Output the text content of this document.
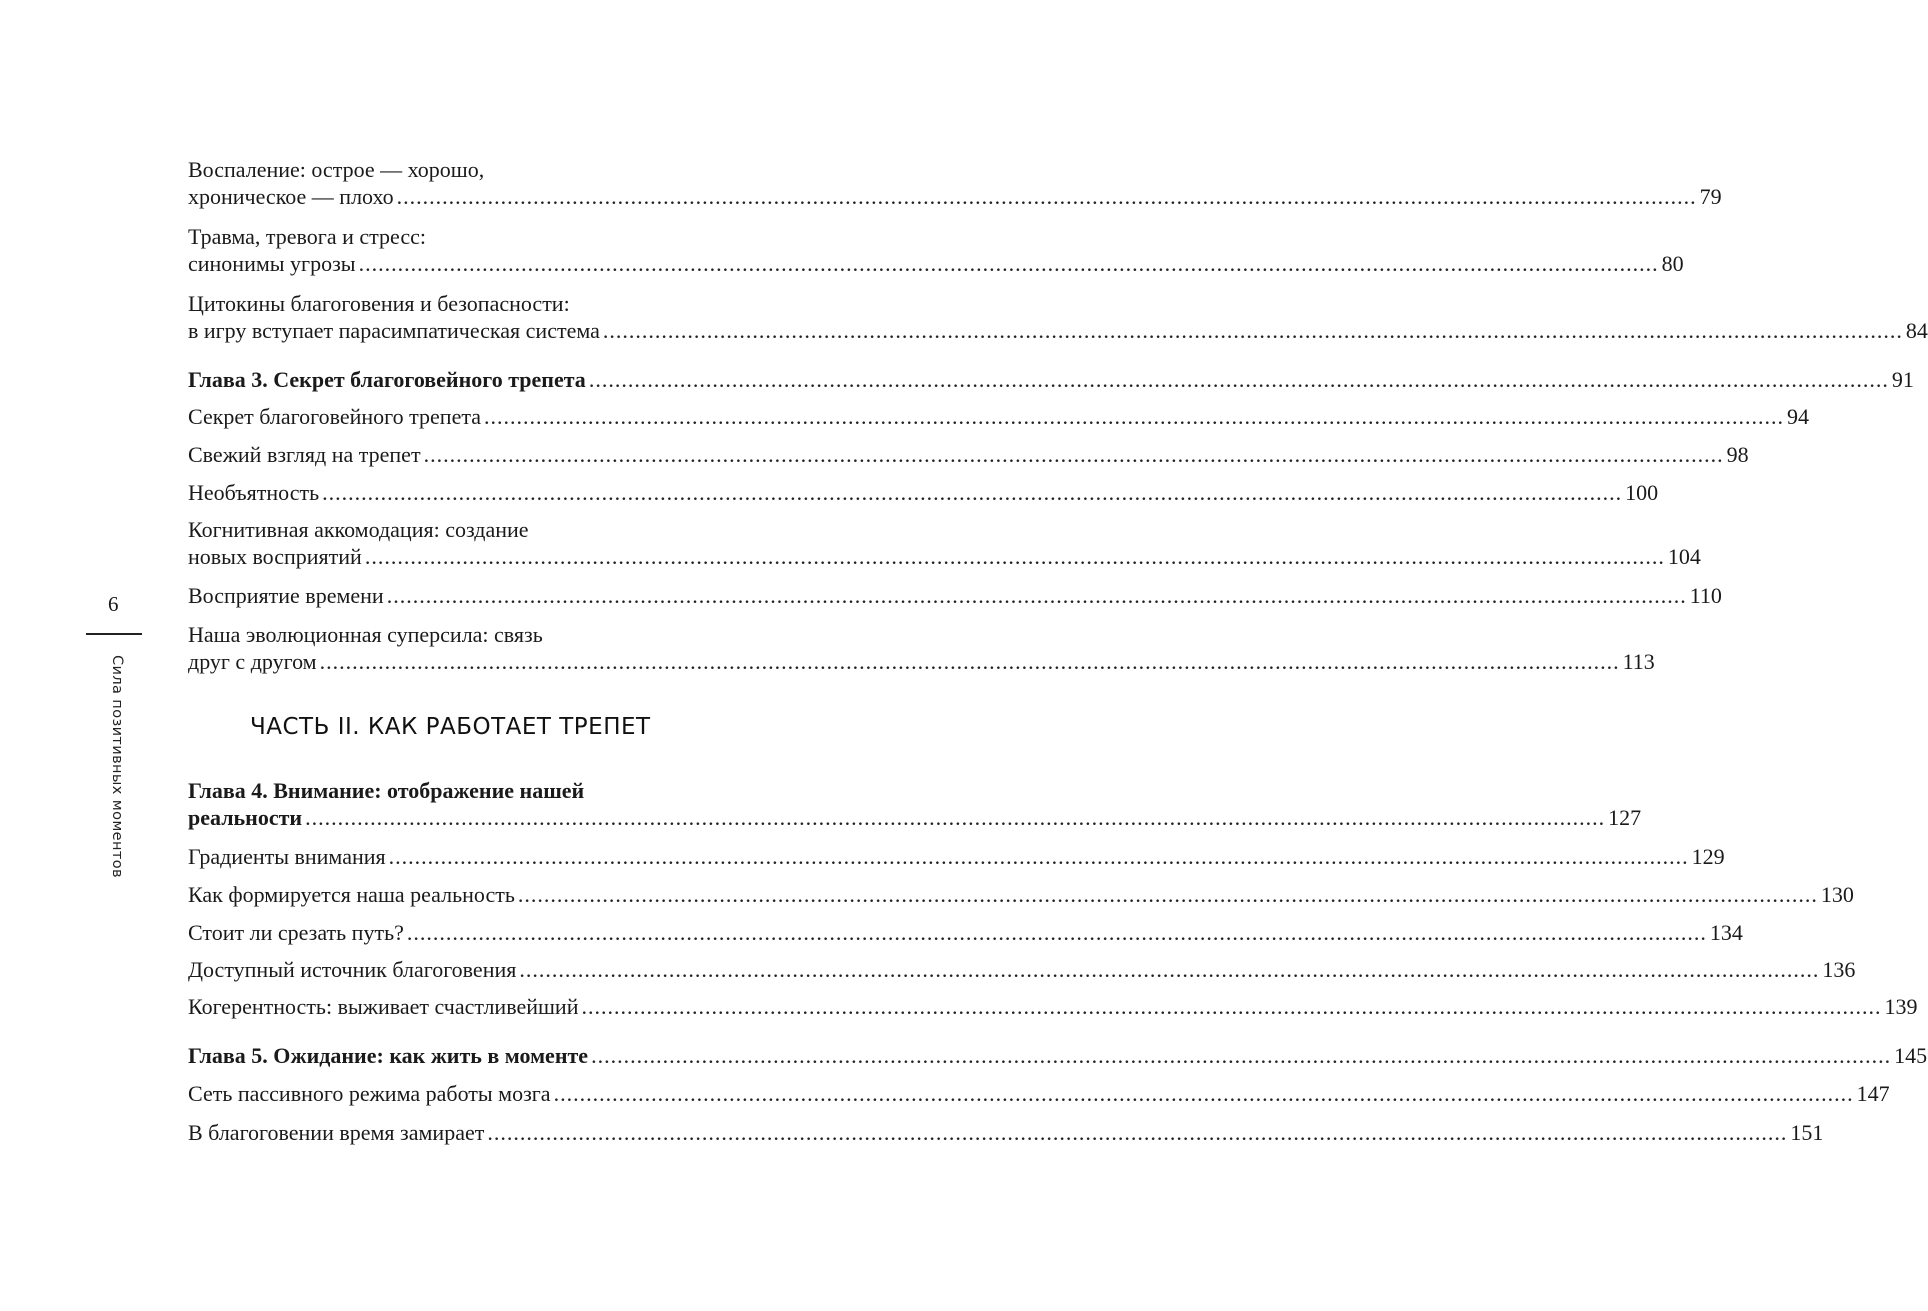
6
Сила позитивных моментов	ЧАСТЬ II. КАК РАБОТАЕТ ТРЕПЕТ
Воспаление: острое — хорошо,
хроническое — плохо ........................................................................................................................................................................................................ 79
Травма, тревога и стресс:
синонимы угрозы ........................................................................................................................................................................................................ 80
Цитокины благоговения и безопасности:
в игру вступает парасимпатическая система ........................................................................................................................................................................................................ 84
Глава 3. Секрет благоговейного трепета ........................................................................................................................................................................................................ 91
Секрет благоговейного трепета ........................................................................................................................................................................................................ 94
Свежий взгляд на трепет ........................................................................................................................................................................................................ 98
Необъятность ........................................................................................................................................................................................................ 100
Когнитивная аккомодация: создание
новых восприятий ........................................................................................................................................................................................................ 104
Восприятие времени ........................................................................................................................................................................................................ 110
Наша эволюционная суперсила: связь
друг с другом ........................................................................................................................................................................................................ 113
Глава 4. Внимание: отображение нашей
реальности ........................................................................................................................................................................................................ 127
Градиенты внимания ........................................................................................................................................................................................................ 129
Как формируется наша реальность ........................................................................................................................................................................................................ 130
Стоит ли срезать путь? ........................................................................................................................................................................................................ 134
Доступный источник благоговения ........................................................................................................................................................................................................ 136
Когерентность: выживает счастливейший ........................................................................................................................................................................................................ 139
Глава 5. Ожидание: как жить в моменте ........................................................................................................................................................................................................ 145
Сеть пассивного режима работы мозга ........................................................................................................................................................................................................ 147
В благоговении время замирает ........................................................................................................................................................................................................ 151
